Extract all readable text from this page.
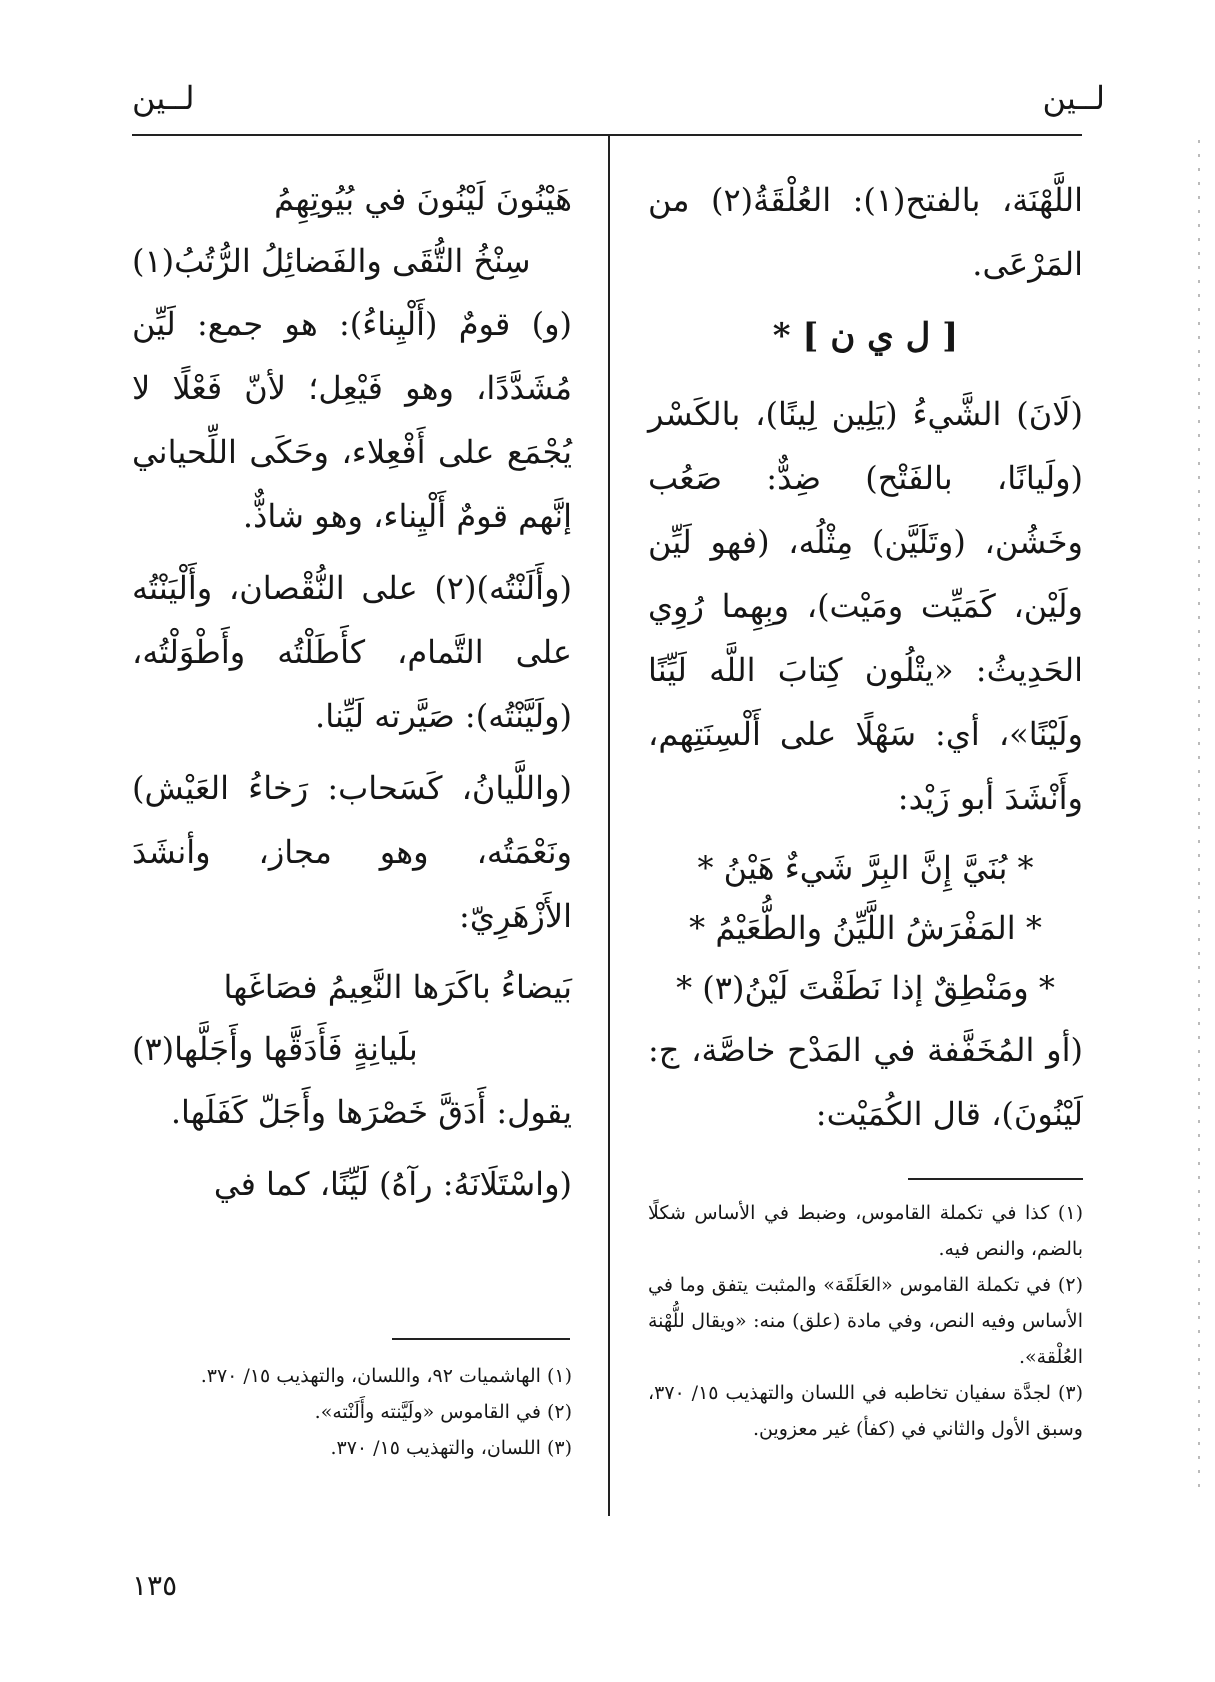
لــين
لــين

اللَّهْنَة، بالفتح(١): العُلْقَةُ(٢) من المَرْعَى.

[ ل ي ن ] *

(لَانَ) الشَّيءُ (يَلِين لِينًا)، بالكَسْر (ولَيانًا، بالفَتْح) ضِدٌّ: صَعُب وخَشُن، (وتَلَيَّن) مِثْلُه، (فهو لَيِّن ولَيْن، كَمَيِّت ومَيْت)، وبِهِما رُوِي الحَدِيثُ: «يتْلُون كِتابَ اللَّه لَيِّنًا ولَيْنًا»، أي: سَهْلًا على أَلْسِنَتِهم، وأَنْشَدَ أبو زَيْد:

* بُنَيَّ إِنَّ البِرَّ شَيءٌ هَيْنُ *

* المَفْرَشُ اللَّيِّنُ والطُّعَيْمُ *

* ومَنْطِقٌ إذا نَطَقْتَ لَيْنُ(٣) *

(أو المُخَفَّفة في المَدْح خاصَّة، ج: لَيْنُونَ)، قال الكُمَيْت:

(١) كذا في تكملة القاموس، وضبط في الأساس شكلًا بالضم، والنص فيه.

(٢) في تكملة القاموس «العَلَقَة» والمثبت يتفق وما في الأساس وفيه النص، وفي مادة (علق) منه: «ويقال للُّهْنة العُلْقة».

(٣) لجدَّة سفيان تخاطبه في اللسان والتهذيب ١٥/ ٣٧٠، وسبق الأول والثاني في (كفأ) غير معزوين.

هَيْنُونَ لَيْنُونَ في بُيُوتِهِمُ

سِنْخُ التُّقَى والفَضائِلُ الرُّتُبُ(١)

(و) قومٌ (أَلْيِناءُ): هو جمع: لَيِّن مُشَدَّدًا، وهو فَيْعِل؛ لأنّ فَعْلًا لا يُجْمَع على أَفْعِلاء، وحَكَى اللِّحياني إنَّهم قومٌ أَلْيِناء، وهو شاذٌّ.

(وأَلَنْتُه)(٢) على النُّقْصان، وأَلْيَنْتُه على التَّمام، كأَطَلْتُه وأَطْوَلْتُه، (ولَيَّنْتُه): صَيَّرته لَيِّنا.

(واللَّيانُ، كَسَحاب: رَخاءُ العَيْش) ونَعْمَتُه، وهو مجاز، وأنشَدَ الأَزْهَرِيّ:

بَيضاءُ باكَرَها النَّعِيمُ فصَاغَها

بلَيانِةٍ فَأَدَقَّها وأَجَلَّها(٣)

يقول: أَدَقَّ خَصْرَها وأَجَلّ كَفَلَها.

(واسْتَلَانَهُ: رآهُ) لَيِّنًا، كما في

(١) الهاشميات ٩٢، واللسان، والتهذيب ١٥/ ٣٧٠.

(٢) في القاموس «ولَيَّنته وأَلَنْته».

(٣) اللسان، والتهذيب ١٥/ ٣٧٠.

١٣٥
